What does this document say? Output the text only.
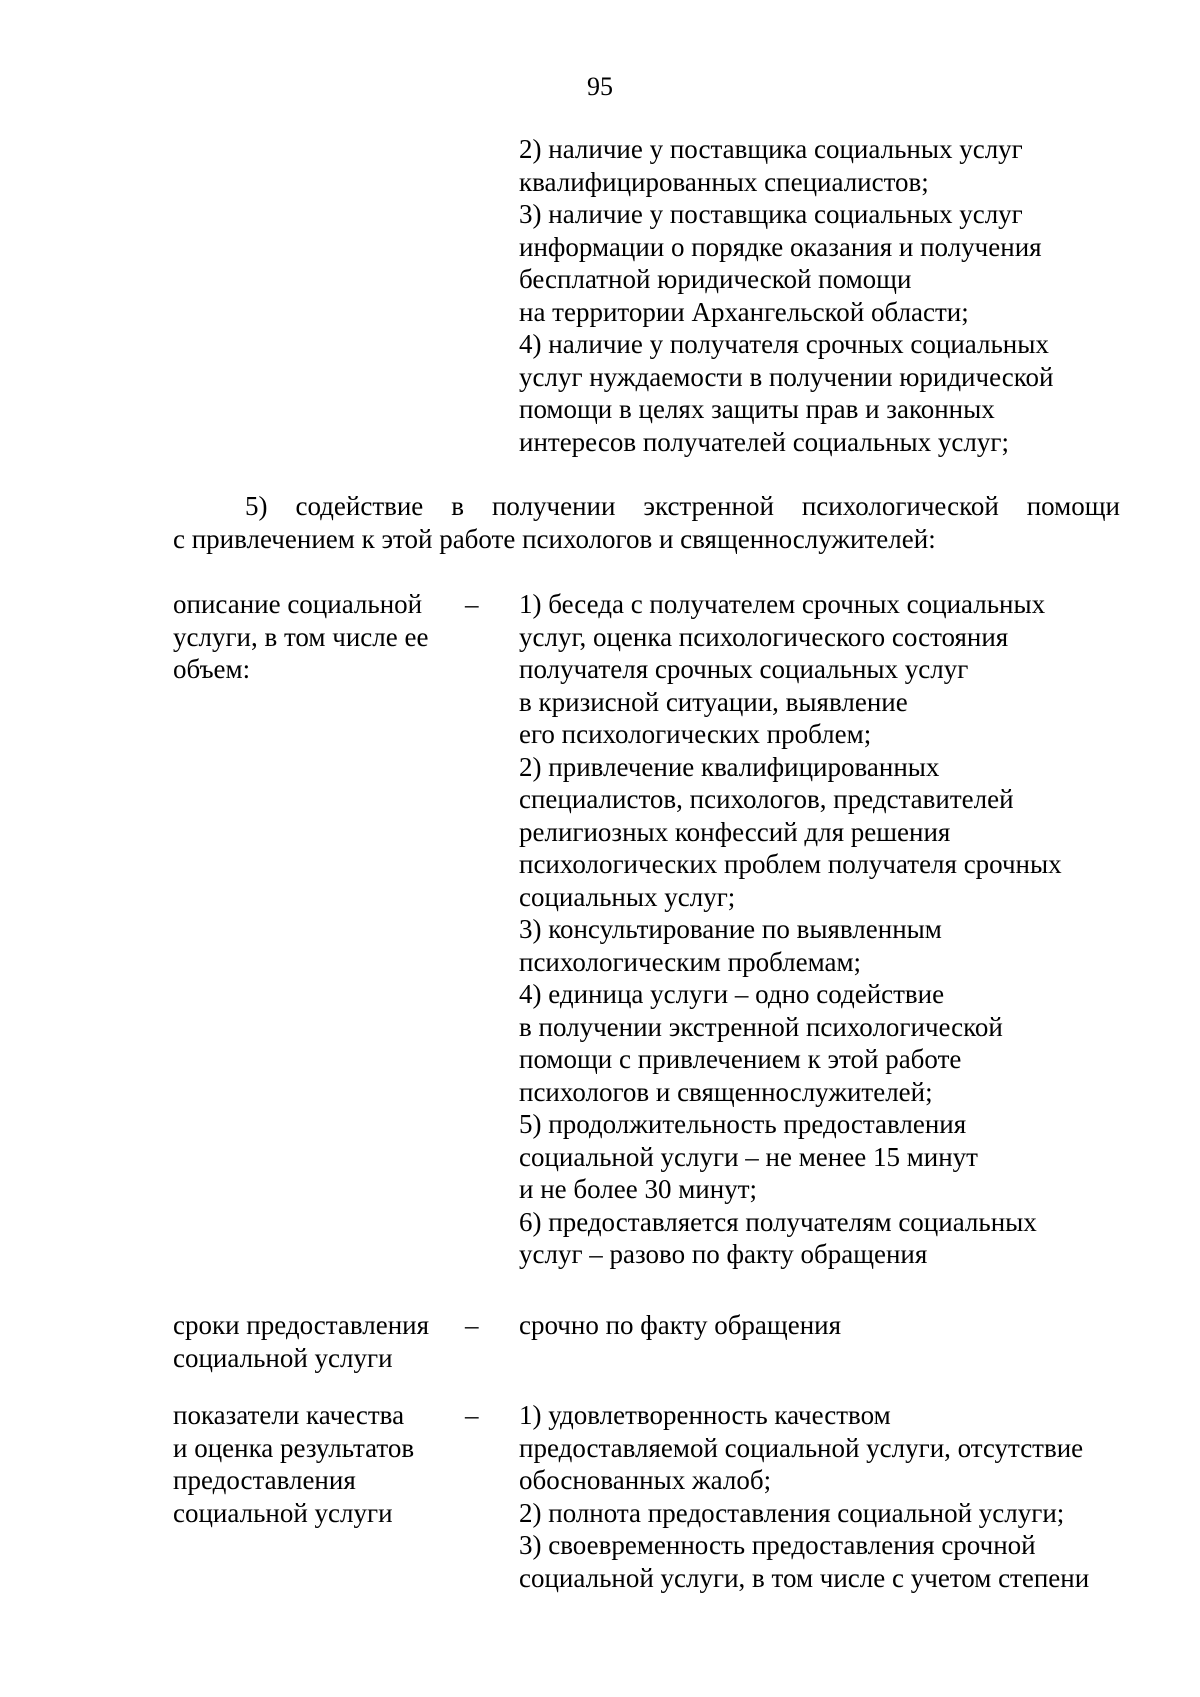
95
2) наличие у поставщика социальных услуг
квалифицированных специалистов;
3) наличие у поставщика социальных услуг
информации о порядке оказания и получения
бесплатной юридической помощи
на территории Архангельской области;
4) наличие у получателя срочных социальных
услуг нуждаемости в получении юридической
помощи в целях защиты прав и законных
интересов получателей социальных услуг;
5) содействие в получении экстренной психологической помощи
с привлечением к этой работе психологов и священнослужителей:
описание социальной
услуги, в том числе ее
объем:
–	1) беседа с получателем срочных социальных
услуг, оценка психологического состояния
получателя срочных социальных услуг
в кризисной ситуации, выявление
его психологических проблем;
2) привлечение квалифицированных
специалистов, психологов, представителей
религиозных конфессий для решения
психологических проблем получателя срочных
социальных услуг;
3) консультирование по выявленным
психологическим проблемам;
4) единица услуги – одно содействие
в получении экстренной психологической
помощи с привлечением к этой работе
психологов и священнослужителей;
5) продолжительность предоставления
социальной услуги – не менее 15 минут
и не более 30 минут;
6) предоставляется получателям социальных
услуг – разово по факту обращения
сроки предоставления
социальной услуги
–	срочно по факту обращения
показатели качества
и оценка результатов
предоставления
социальной услуги
–	1) удовлетворенность качеством
предоставляемой социальной услуги, отсутствие
обоснованных жалоб;
2) полнота предоставления социальной услуги;
3) своевременность предоставления срочной
социальной услуги, в том числе с учетом степени
